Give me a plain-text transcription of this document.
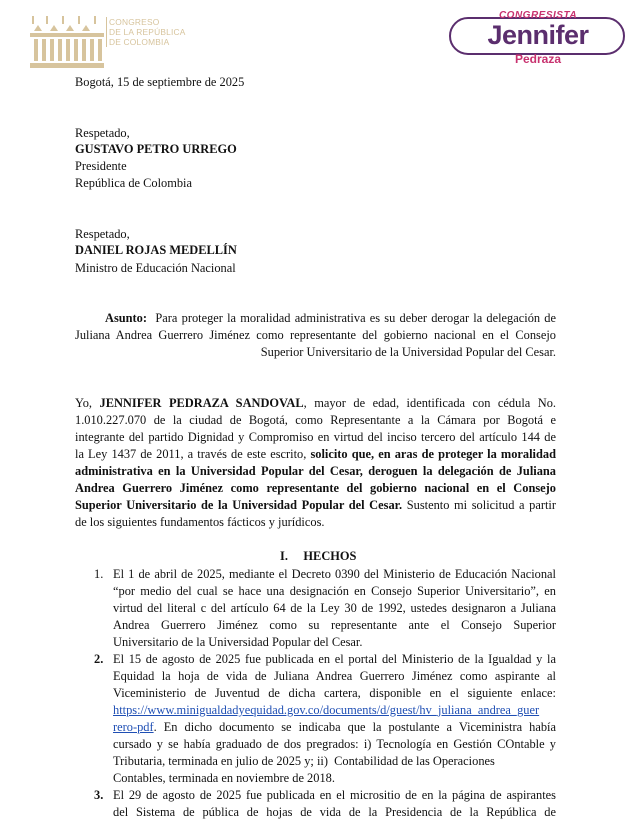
CONGRESO
DE LA REPÚBLICA
DE COLOMBIA
CONGRESISTA
Jennifer
Pedraza
Bogotá, 15 de septiembre de 2025
Respetado,
GUSTAVO PETRO URREGO
Presidente
República de Colombia
Respetado,
DANIEL ROJAS MEDELLÍN
Ministro de Educación Nacional
Asunto: Para proteger la moralidad administrativa es su deber derogar la delegación de
Juliana Andrea Guerrero Jiménez como representante del gobierno nacional en el Consejo
Superior Universitario de la Universidad Popular del Cesar.
Yo, JENNIFER PEDRAZA SANDOVAL, mayor de edad, identificada con cédula No.
1.010.227.070 de la ciudad de Bogotá, como Representante a la Cámara por Bogotá e
integrante del partido Dignidad y Compromiso en virtud del inciso tercero del artículo 144 de
la Ley 1437 de 2011, a través de este escrito, solicito que, en aras de proteger la moralidad
administrativa en la Universidad Popular del Cesar, deroguen la delegación de Juliana
Andrea Guerrero Jiménez como representante del gobierno nacional en el Consejo
Superior Universitario de la Universidad Popular del Cesar. Sustento mi solicitud a partir
de los siguientes fundamentos fácticos y jurídicos.
I. HECHOS
1. El 1 de abril de 2025, mediante el Decreto 0390 del Ministerio de Educación Nacional
“por medio del cual se hace una designación en Consejo Superior Universitario”, en
virtud del literal c del artículo 64 de la Ley 30 de 1992, ustedes designaron a Juliana
Andrea Guerrero Jiménez como su representante ante el Consejo Superior
Universitario de la Universidad Popular del Cesar.
2. El 15 de agosto de 2025 fue publicada en el portal del Ministerio de la Igualdad y la
Equidad la hoja de vida de Juliana Andrea Guerrero Jiménez como aspirante al
Viceministerio de Juventud de dicha cartera, disponible en el siguiente enlace:
https://www.minigualdadyequidad.gov.co/documents/d/guest/hv_juliana_andrea_guer
rero-pdf. En dicho documento se indicaba que la postulante a Viceministra había
cursado y se había graduado de dos pregrados: i) Tecnología en Gestión COntable y
Tributaria, terminada en julio de 2025 y; ii)  Contabilidad de las Operaciones
Contables, terminada en noviembre de 2018.
3. El 29 de agosto de 2025 fue publicada en el micrositio de en la página de aspirantes
del Sistema de pública de hojas de vida de la Presidencia de la República de
